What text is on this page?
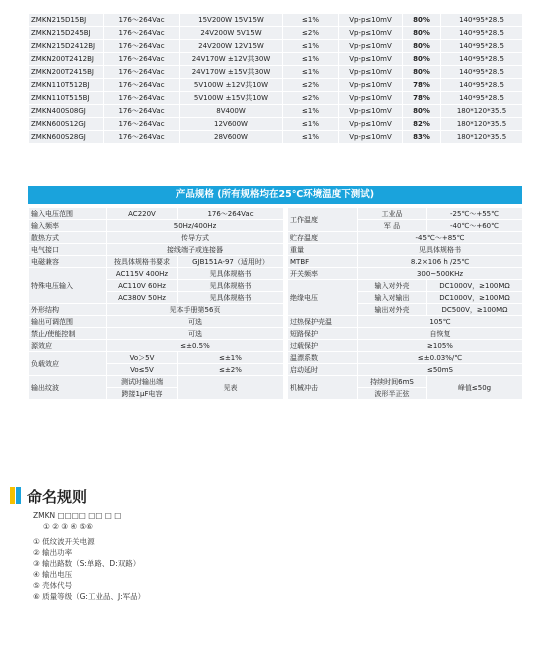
ZMKN215D15BJ	176～264Vac	15V200W 15V15W	≤1%	Vp-p≤10mV	80%	140*95*28.5
ZMKN215D245BJ	176～264Vac	24V200W 5V15W	≤2%	Vp-p≤10mV	80%	140*95*28.5
ZMKN215D2412BJ	176～264Vac	24V200W 12V15W	≤1%	Vp-p≤10mV	80%	140*95*28.5
ZMKN200T2412BJ	176～264Vac	24V170W ±12V共30W	≤1%	Vp-p≤10mV	80%	140*95*28.5
ZMKN200T2415BJ	176～264Vac	24V170W ±15V共30W	≤1%	Vp-p≤10mV	80%	140*95*28.5
ZMKN110T512BJ	176～264Vac	5V100W ±12V共10W	≤2%	Vp-p≤10mV	78%	140*95*28.5
ZMKN110T515BJ	176～264Vac	5V100W ±15V共10W	≤2%	Vp-p≤10mV	78%	140*95*28.5
ZMKN400S08GJ	176～264Vac	8V400W	≤1%	Vp-p≤10mV	80%	180*120*35.5
ZMKN600S12GJ	176～264Vac	12V600W	≤1%	Vp-p≤10mV	82%	180*120*35.5
ZMKN600S28GJ	176～264Vac	28V600W	≤1%	Vp-p≤10mV	83%	180*120*35.5
产品规格 (所有规格均在25℃环境温度下测试)
输入电压范围	AC220V	176～264Vac
输入频率	50Hz/400Hz	
散热方式	传导方式	
电气接口	接线端子或连接器	
电磁兼容	按具体规格书要求	GJB151A-97（适用时）
特殊电压输入	AC115V 400Hz	见具体规格书
	AC110V 60Hz	见具体规格书
	AC380V 50Hz	见具体规格书
外形结构	见本手册第56页	
输出可调范围	可选	
禁止/使能控制	可选	
源效应	≤±0.5%	
负载效应	Vo＞5V	≤±1%
	Vo≤5V	≤±2%
输出纹波	测试时输出端	见表
	跨接1μF电容	
工作温度	工业品	-25℃～+55℃
	军 品	-40℃～+60℃
贮存温度	-45℃～+85℃	
重量	见具体规格书	
MTBF	8.2×106 h /25℃	
开关频率	300~500KHz	
绝缘电压	输入对外壳	DC1000V，≥100MΩ
	输入对输出	DC1000V，≥100MΩ
	输出对外壳	DC500V，≥100MΩ
过热保护壳温	105℃	
短路保护	自恢复	
过载保护	≥105%	
温漂系数	≤±0.03%/℃	
启动延时	≤50mS	
机械冲击	持续时间6mS	峰值≤50g
	波形半正弦	
命名规则
ZMKN □□□□ □□ □ □
① ② ③ ④ ⑤⑥
① 低纹波开关电源
② 输出功率
③ 输出路数（S:单路、D:双路）
④ 输出电压
⑤ 壳体代号
⑥ 质量等级（G:工业品、J:军品）
